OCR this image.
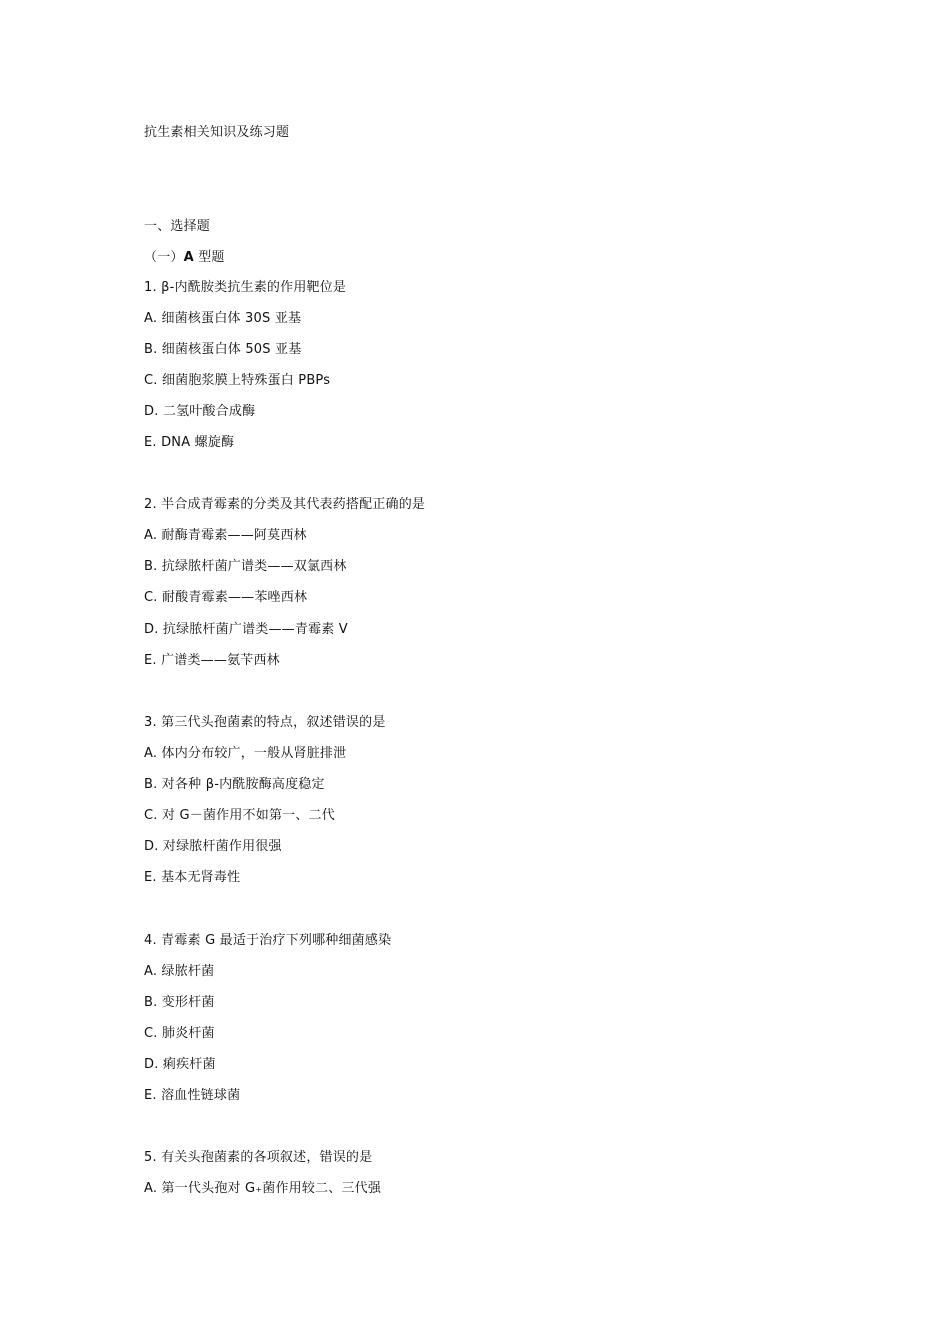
抗生素相关知识及练习题
一、选择题
（一）A 型题
1. β-内酰胺类抗生素的作用靶位是
A. 细菌核蛋白体 30S 亚基
B. 细菌核蛋白体 50S 亚基
C. 细菌胞浆膜上特殊蛋白 PBPs
D. 二氢叶酸合成酶
E. DNA 螺旋酶
2. 半合成青霉素的分类及其代表药搭配正确的是
A. 耐酶青霉素——阿莫西林
B. 抗绿脓杆菌广谱类——双氯西林
C. 耐酸青霉素——苯唑西林
D. 抗绿脓杆菌广谱类——青霉素 V
E. 广谱类——氨苄西林
3. 第三代头孢菌素的特点，叙述错误的是
A. 体内分布较广，一般从肾脏排泄
B. 对各种 β-内酰胺酶高度稳定
C. 对 G－菌作用不如第一、二代
D. 对绿脓杆菌作用很强
E. 基本无肾毒性
4. 青霉素 G 最适于治疗下列哪种细菌感染
A. 绿脓杆菌
B. 变形杆菌
C. 肺炎杆菌
D. 痢疾杆菌
E. 溶血性链球菌
5. 有关头孢菌素的各项叙述，错误的是
A. 第一代头孢对 G+菌作用较二、三代强
